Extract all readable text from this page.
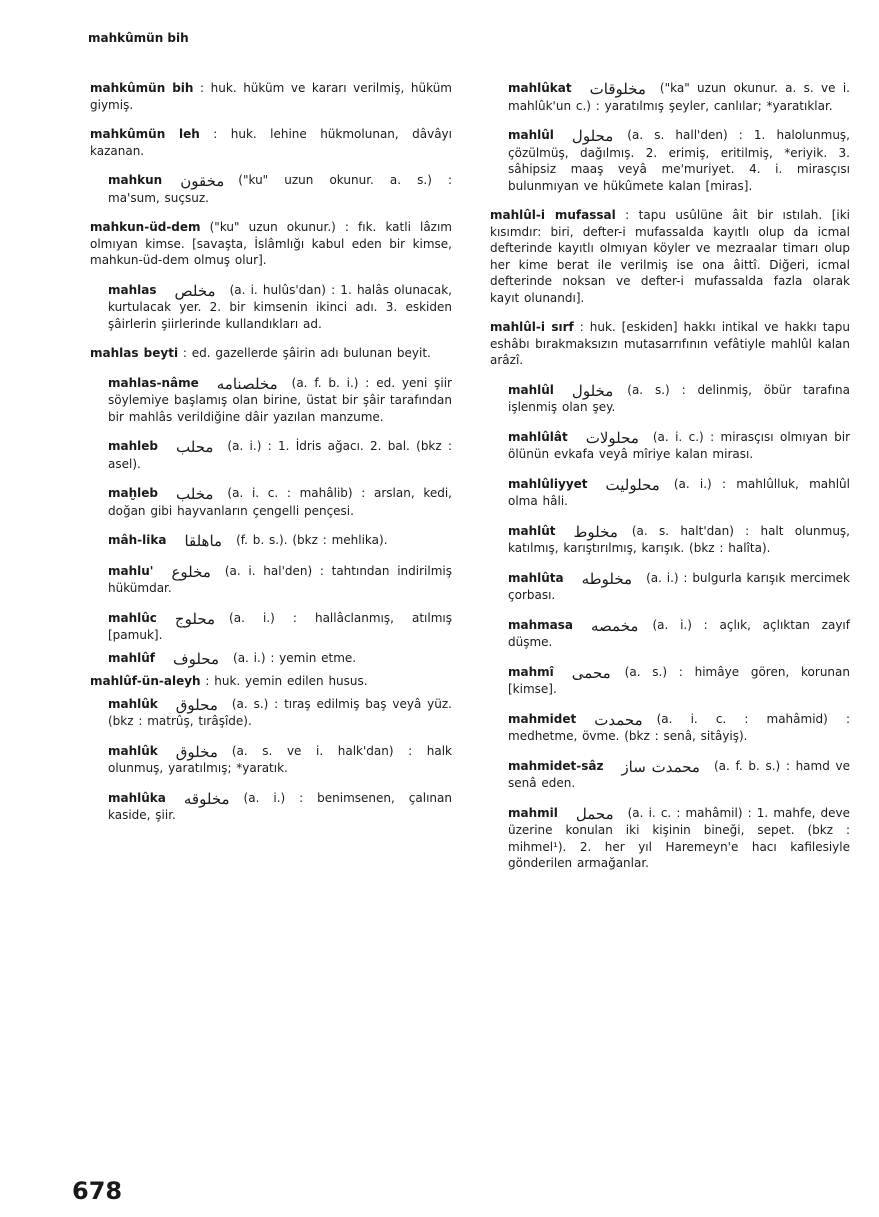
mahkûmün bih
mahkûmün bih : huk. hüküm ve kararı verilmiş, hüküm giymiş.
mahkûmün leh : huk. lehine hükmolunan, dâvâyı kazanan.
mahkun مخقون ("ku" uzun okunur. a. s.) : ma'sum, suçsuz.
mahkun-üd-dem ("ku" uzun okunur.) : fık. katli lâzım olmıyan kimse. [savaşta, İslâmlığı kabul eden bir kimse, mahkun-üd-dem olmuş olur].
mahlas مخلص (a. i. hulûs'dan) : 1. halâs olunacak, kurtulacak yer. 2. bir kimsenin ikinci adı. 3. eskiden şâirlerin şiirlerinde kullandıkları ad.
mahlas beyti : ed. gazellerde şâirin adı bulunan beyit.
mahlas-nâme مخلصنامه (a. f. b. i.) : ed. yeni şiir söylemiye başlamış olan birine, üstat bir şâir tarafından bir mahlâs verildiğine dâir yazılan manzume.
mahleb محلب (a. i.) : 1. İdris ağacı. 2. bal. (bkz : asel).
maḫleb مخلب (a. i. c. : mahâlib) : arslan, kedi, doğan gibi hayvanların çengelli pençesi.
mâh-lika ماهلقا (f. b. s.). (bkz : mehlika).
mahlu' مخلوع (a. i. hal'den) : tahtından indirilmiş hükümdar.
mahlûc محلوج (a. i.) : hallâclanmış, atılmış [pamuk].
mahlûf محلوف (a. i.) : yemin etme.
mahlûf-ün-aleyh : huk. yemin edilen husus.
mahlûk محلوق (a. s.) : tıraş edilmiş baş veyâ yüz. (bkz : matrûş, tırâşîde).
mahlûk مخلوق (a. s. ve i. halk'dan) : halk olunmuş, yaratılmış; *yaratık.
mahlûka مخلوقه (a. i.) : benimsenen, çalınan kaside, şiir.
mahlûkat مخلوقات ("ka" uzun okunur. a. s. ve i. mahlûk'un c.) : yaratılmış şeyler, canlılar; *yaratıklar.
mahlûl محلول (a. s. hall'den) : 1. halolunmuş, çözülmüş, dağılmış. 2. erimiş, eritilmiş, *eriyik. 3. sâhipsiz maaş veyâ me'muriyet. 4. i. mirasçısı bulunmıyan ve hükûmete kalan [miras].
mahlûl-i mufassal : tapu usûlüne âit bir ıstılah. [iki kısımdır: biri, defter-i mufassalda kayıtlı olup da icmal defterinde kayıtlı olmıyan köyler ve mezraalar timarı olup her kime berat ile verilmiş ise ona âittî. Diğeri, icmal defterinde noksan ve defter-i mufassalda fazla olarak kayıt olunandı].
mahlûl-i sırf : huk. [eskiden] hakkı intikal ve hakkı tapu eshâbı bırakmaksızın mutasarrıfının vefâtiyle mahlûl kalan arâzî.
mahlûl مخلول (a. s.) : delinmiş, öbür tarafına işlenmiş olan şey.
mahlûlât محلولات (a. i. c.) : mirasçısı olmıyan bir ölünün evkafa veyâ mîriye kalan mirası.
mahlûliyyet محلوليت (a. i.) : mahlûlluk, mahlûl olma hâli.
mahlût مخلوط (a. s. halt'dan) : halt olunmuş, katılmış, karıştırılmış, karışık. (bkz : halîta).
mahlûta مخلوطه (a. i.) : bulgurla karışık mercimek çorbası.
mahmasa مخمصه (a. i.) : açlık, açlıktan zayıf düşme.
mahmî محمى (a. s.) : himâye gören, korunan [kimse].
mahmidet محمدت (a. i. c. : mahâmid) : medhetme, övme. (bkz : senâ, sitâyiş).
mahmidet-sâz محمدت ساز (a. f. b. s.) : hamd ve senâ eden.
mahmil محمل (a. i. c. : mahâmil) : 1. mahfe, deve üzerine konulan iki kişinin bineği, sepet. (bkz : mihmel¹). 2. her yıl Haremeyn'e hacı kafilesiyle gönderilen armağanlar.
678
